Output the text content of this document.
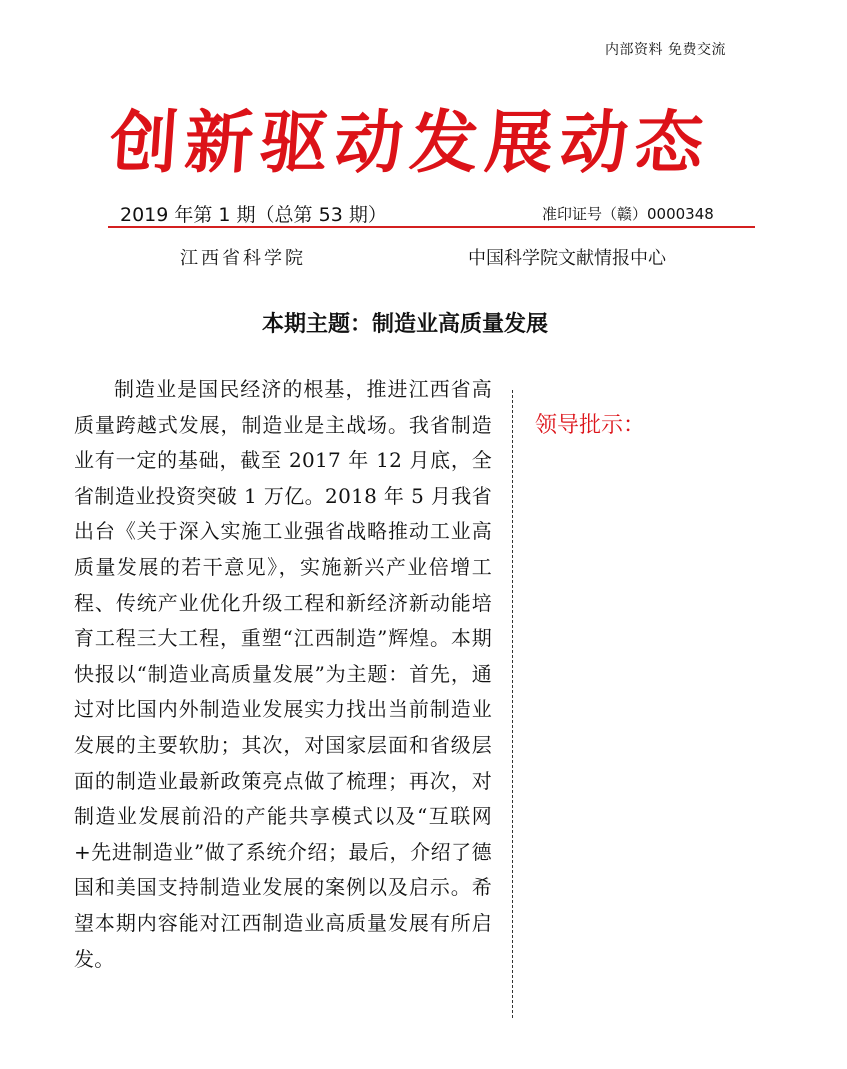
内部资料 免费交流
创新驱动发展动态
2019 年第 1 期（总第 53 期）	准印证号（赣）0000348
江西省科学院	中国科学院文献情报中心
本期主题：制造业高质量发展

制造业是国民经济的根基，推进江西省高质量跨越式发展，制造业是主战场。我省制造业有一定的基础，截至 2017 年 12 月底，全省制造业投资突破 1 万亿。2018 年 5 月我省出台《关于深入实施工业强省战略推动工业高质量发展的若干意见》，实施新兴产业倍增工程、传统产业优化升级工程和新经济新动能培育工程三大工程，重塑“江西制造”辉煌。本期快报以“制造业高质量发展”为主题：首先，通过对比国内外制造业发展实力找出当前制造业发展的主要软肋；其次，对国家层面和省级层面的制造业最新政策亮点做了梳理；再次，对制造业发展前沿的产能共享模式以及“互联网+先进制造业”做了系统介绍；最后，介绍了德国和美国支持制造业发展的案例以及启示。希望本期内容能对江西制造业高质量发展有所启发。

领导批示：
